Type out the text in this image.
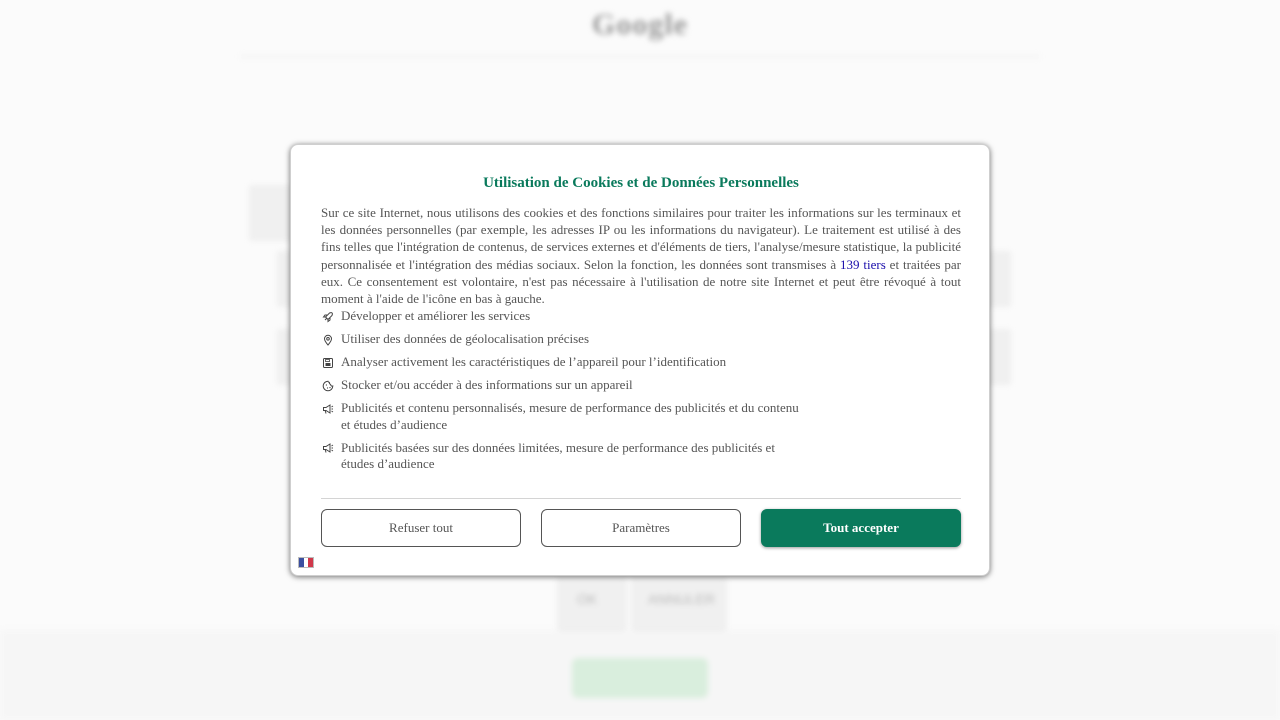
Google
OK	ANNULER
Utilisation de Cookies et de Données Personnelles

Sur ce site Internet, nous utilisons des cookies et des fonctions similaires pour traiter les informations sur les terminaux et les données personnelles (par exemple, les adresses IP ou les informations du navigateur). Le traitement est utilisé à des fins telles que l'intégration de contenus, de services externes et d'éléments de tiers, l'analyse/mesure statistique, la publicité personnalisée et l'intégration des médias sociaux. Selon la fonction, les données sont transmises à 139 tiers et traitées par eux. Ce consentement est volontaire, n'est pas nécessaire à l'utilisation de notre site Internet et peut être révoqué à tout moment à l'aide de l'icône en bas à gauche.

Développer et améliorer les services
Utiliser des données de géolocalisation précises
Analyser activement les caractéristiques de l’appareil pour l’identification
Stocker et/ou accéder à des informations sur un appareil
Publicités et contenu personnalisés, mesure de performance des publicités et du contenu et études d’audience
Publicités basées sur des données limitées, mesure de performance des publicités et études d’audience
Refuser tout	Paramètres	Tout accepter
